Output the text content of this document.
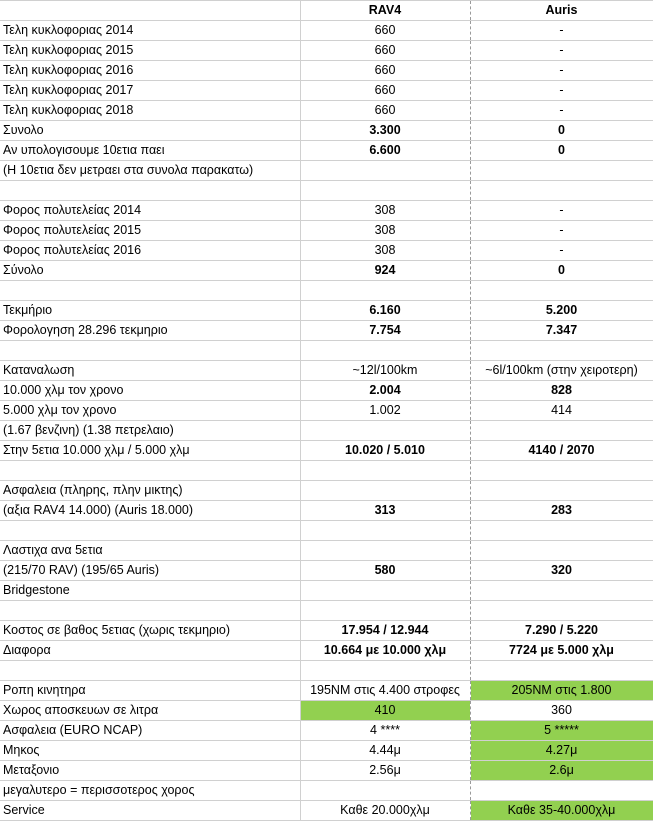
	RAV4	Auris
Τελη κυκλοφοριας 2014	660	-
Τελη κυκλοφοριας 2015	660	-
Τελη κυκλοφοριας 2016	660	-
Τελη κυκλοφοριας 2017	660	-
Τελη κυκλοφοριας 2018	660	-
Συνολο	3.300	0
Αν υπολογισουμε 10ετια παει	6.600	0
(Η 10ετια δεν μετραει στα συνολα παρακατω)		

Φορος πολυτελείας 2014	308	-
Φορος πολυτελείας 2015	308	-
Φορος πολυτελείας 2016	308	-
Σύνολο	924	0

Τεκμήριο	6.160	5.200
Φορολογηση 28.296 τεκμηριο	7.754	7.347

Καταναλωση	~12l/100km	~6l/100km (στην χειροτερη)
10.000 χλμ τον χρονο	2.004	828
5.000 χλμ τον χρονο	1.002	414
(1.67 βενζινη) (1.38 πετρελαιο)		
Στην 5ετια 10.000 χλμ / 5.000 χλμ	10.020 / 5.010	4140 / 2070

Ασφαλεια (πληρης, πλην μικτης)		
(αξια RAV4 14.000) (Auris 18.000)	313	283

Λαστιχα ανα 5ετια		
(215/70 RAV) (195/65 Auris)	580	320
Bridgestone		

Κοστος σε βαθος 5ετιας (χωρις τεκμηριο)	17.954 / 12.944	7.290 / 5.220
Διαφορα	10.664 με 10.000 χλμ	7724 με 5.000 χλμ

Ροπη κινητηρα	195NM στις 4.400 στροφες	205NM στις 1.800
Χωρος αποσκευων σε λιτρα	410	360
Ασφαλεια (EURO NCAP)	4 ****	5 *****
Μηκος	4.44μ	4.27μ
Μεταξονιο	2.56μ	2.6μ
μεγαλυτερο = περισσοτερος χορος		
Service	Καθε 20.000χλμ	Καθε 35-40.000χλμ
